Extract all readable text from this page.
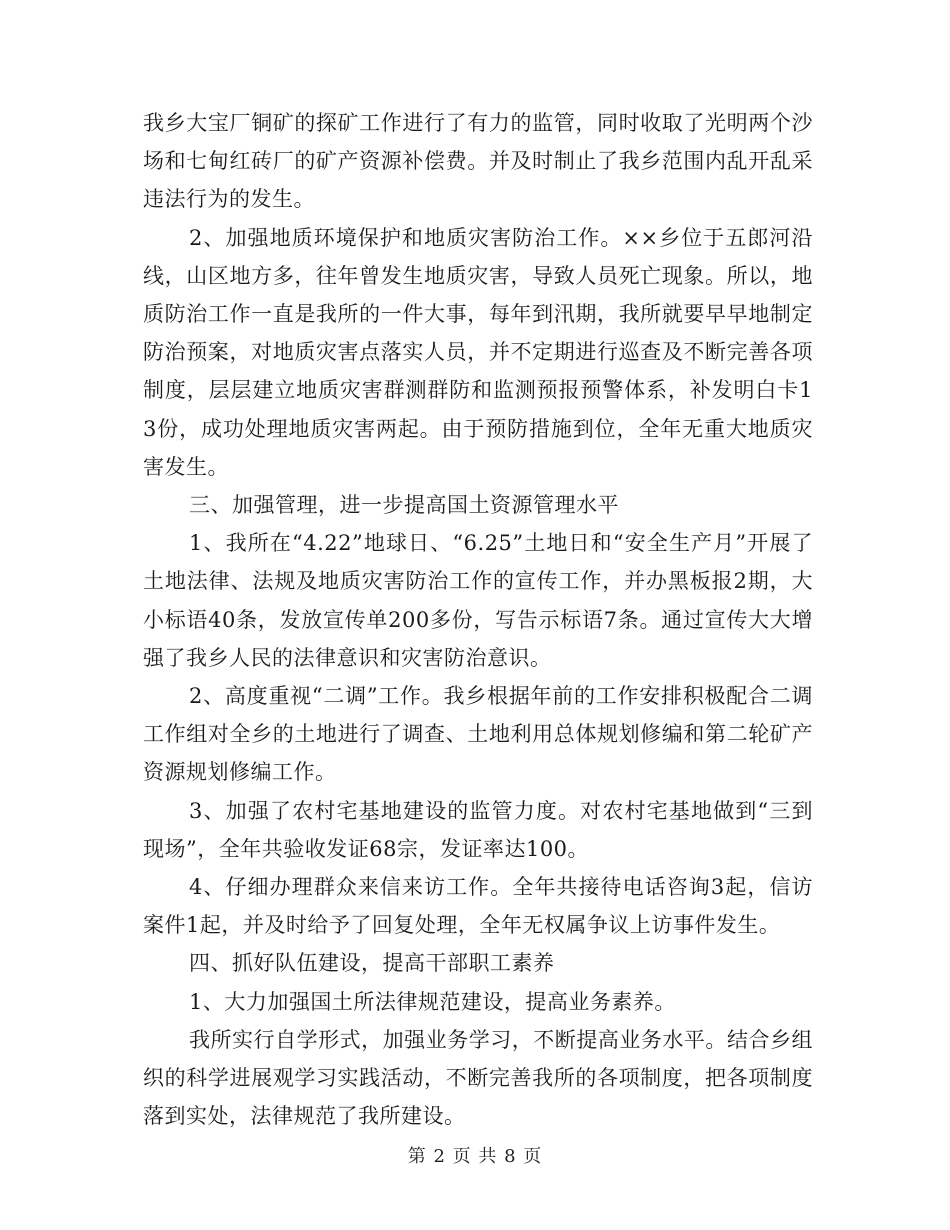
我乡大宝厂铜矿的探矿工作进行了有力的监管，同时收取了光明两个沙场和七甸红砖厂的矿产资源补偿费。并及时制止了我乡范围内乱开乱采违法行为的发生。

2、加强地质环境保护和地质灾害防治工作。××乡位于五郎河沿线，山区地方多，往年曾发生地质灾害，导致人员死亡现象。所以，地质防治工作一直是我所的一件大事，每年到汛期，我所就要早早地制定防治预案，对地质灾害点落实人员，并不定期进行巡查及不断完善各项制度，层层建立地质灾害群测群防和监测预报预警体系，补发明白卡13份，成功处理地质灾害两起。由于预防措施到位，全年无重大地质灾害发生。

三、加强管理，进一步提高国土资源管理水平

1、我所在“4.22”地球日、“6.25”土地日和“安全生产月”开展了土地法律、法规及地质灾害防治工作的宣传工作，并办黑板报2期，大小标语40条，发放宣传单200多份，写告示标语7条。通过宣传大大增强了我乡人民的法律意识和灾害防治意识。

2、高度重视“二调”工作。我乡根据年前的工作安排积极配合二调工作组对全乡的土地进行了调查、土地利用总体规划修编和第二轮矿产资源规划修编工作。

3、加强了农村宅基地建设的监管力度。对农村宅基地做到“三到现场”，全年共验收发证68宗，发证率达100。

4、仔细办理群众来信来访工作。全年共接待电话咨询3起，信访案件1起，并及时给予了回复处理，全年无权属争议上访事件发生。

四、抓好队伍建设，提高干部职工素养

1、大力加强国土所法律规范建设，提高业务素养。

我所实行自学形式，加强业务学习，不断提高业务水平。结合乡组织的科学进展观学习实践活动，不断完善我所的各项制度，把各项制度落到实处，法律规范了我所建设。

第 2 页 共 8 页
